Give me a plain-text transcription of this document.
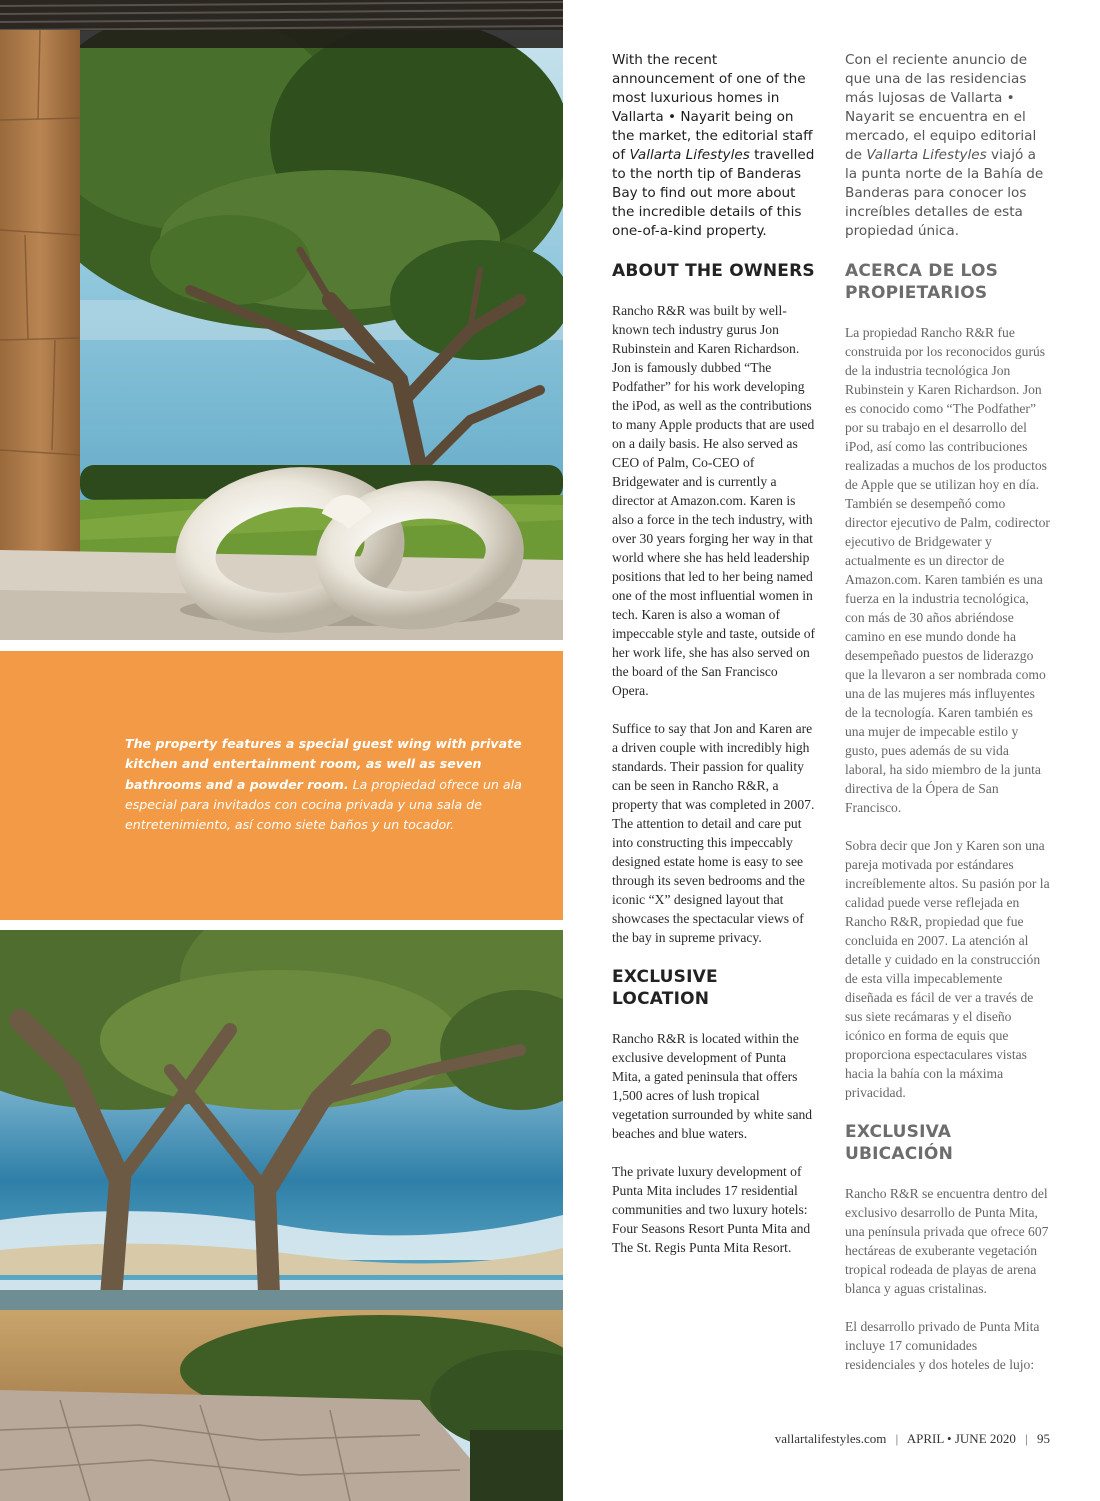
The property features a special guest wing with private kitchen and entertainment room, as well as seven bathrooms and a powder room. La propiedad ofrece un ala especial para invitados con cocina privada y una sala de entretenimiento, así como siete baños y un tocador.

With the recent announcement of one of the most luxurious homes in Vallarta • Nayarit being on the market, the editorial staff of Vallarta Lifestyles travelled to the north tip of Banderas Bay to find out more about the incredible details of this
one-of-a-kind property.

ABOUT THE OWNERS

Rancho R&R was built by well-known tech industry gurus Jon Rubinstein and Karen Richardson. Jon is famously dubbed “The Podfather” for his work developing the iPod, as well as the contributions to many Apple products that are used on a daily basis. He also served as CEO of Palm, Co-CEO of Bridgewater and is currently a director at Amazon.com. Karen is also a force in the tech industry, with over 30 years forging her way in that world where she has held leadership positions that led to her being named one of the most influential women in tech. Karen is also a woman of impeccable style and taste, outside of her work life, she has also served on the board of the San Francisco Opera.

Suffice to say that Jon and Karen are a driven couple with incredibly high standards. Their passion for quality can be seen in Rancho R&R, a property that was completed in 2007. The attention to detail and care put into constructing this impeccably designed estate home is easy to see through its seven bedrooms and the iconic “X” designed layout that showcases the spectacular views of the bay in supreme privacy.

EXCLUSIVE LOCATION

Rancho R&R is located within the exclusive development of Punta Mita, a gated peninsula that offers 1,500 acres of lush tropical vegetation surrounded by white sand beaches and blue waters.

The private luxury development of Punta Mita includes 17 residential communities and two luxury hotels: Four Seasons Resort Punta Mita and The St. Regis Punta Mita Resort.

Con el reciente anuncio de que una de las residencias más lujosas de Vallarta • Nayarit se encuentra en el mercado, el equipo editorial de Vallarta Lifestyles viajó a la punta norte de la Bahía de Banderas para conocer los increíbles detalles de esta propiedad única.

ACERCA DE LOS PROPIETARIOS

La propiedad Rancho R&R fue construida por los reconocidos gurús de la industria tecnológica Jon Rubinstein y Karen Richardson. Jon es conocido como “The Podfather” por su trabajo en el desarrollo del iPod, así como las contribuciones realizadas a muchos de los productos de Apple que se utilizan hoy en día. También se desempeñó como director ejecutivo de Palm, codirector ejecutivo de Bridgewater y actualmente es un director de Amazon.com. Karen también es una fuerza en la industria tecnológica, con más de 30 años abriéndose camino en ese mundo donde ha desempeñado puestos de liderazgo que la llevaron a ser nombrada como una de las mujeres más influyentes de la tecnología. Karen también es una mujer de impecable estilo y gusto, pues además de su vida laboral, ha sido miembro de la junta directiva de la Ópera de San Francisco.

Sobra decir que Jon y Karen son una pareja motivada por estándares increíblemente altos. Su pasión por la calidad puede verse reflejada en Rancho R&R, propiedad que fue concluida en 2007. La atención al detalle y cuidado en la construcción de esta villa impecablemente diseñada es fácil de ver a través de sus siete recámaras y el diseño icónico en forma de equis que proporciona espectaculares vistas hacia la bahía con la máxima privacidad.

EXCLUSIVA UBICACIÓN

Rancho R&R se encuentra dentro del exclusivo desarrollo de Punta Mita, una península privada que ofrece 607 hectáreas de exuberante vegetación tropical rodeada de playas de arena blanca y aguas cristalinas.

El desarrollo privado de Punta Mita incluye 17 comunidades residenciales y dos hoteles de lujo:

vallartalifestyles.com | APRIL • JUNE 2020 | 95
